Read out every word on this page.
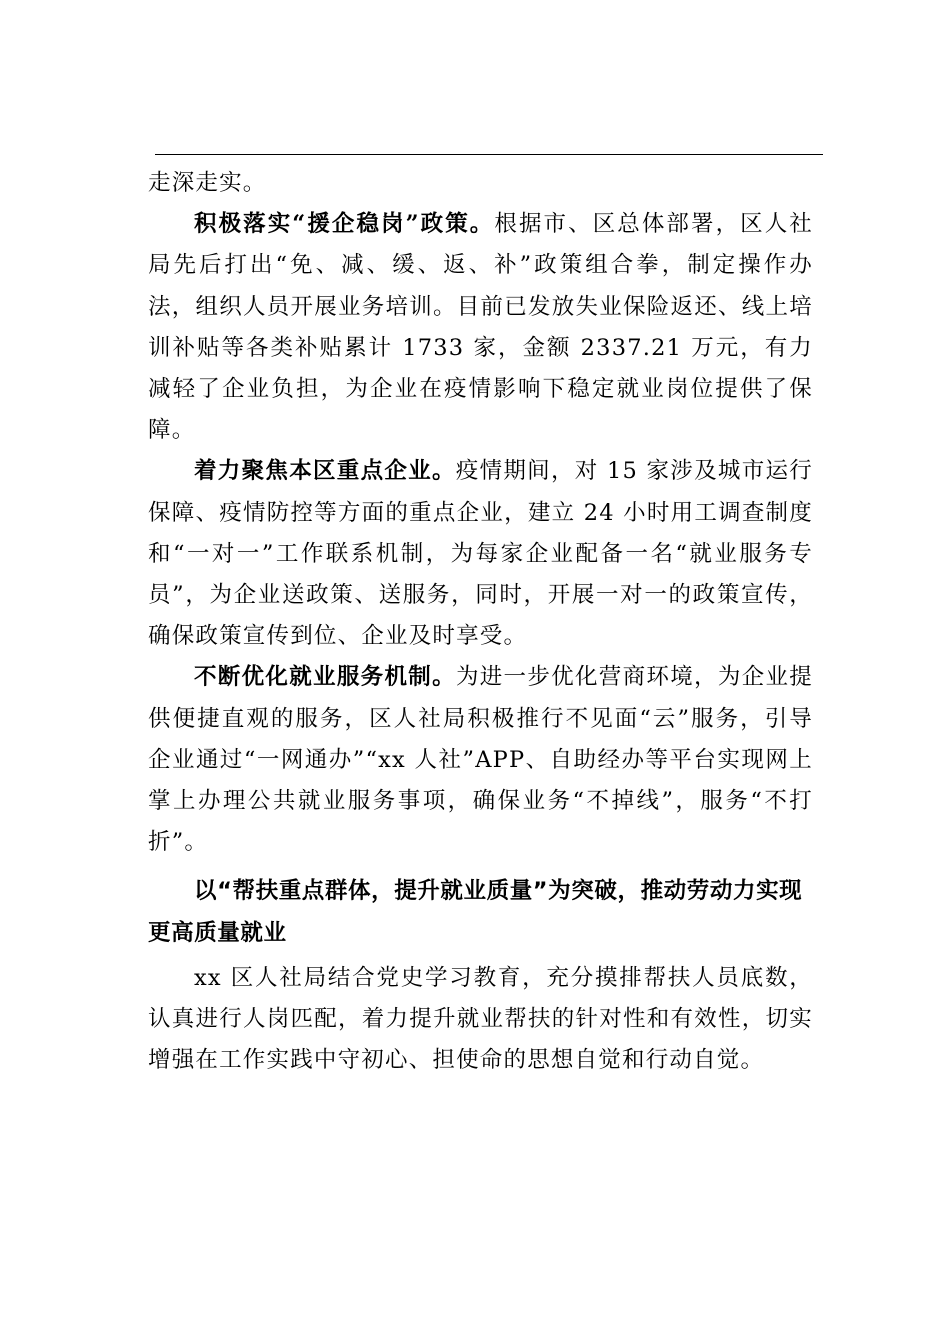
走深走实。

积极落实“援企稳岗”政策。根据市、区总体部署，区人社局先后打出“免、减、缓、返、补”政策组合拳，制定操作办法，组织人员开展业务培训。目前已发放失业保险返还、线上培训补贴等各类补贴累计 1733 家，金额 2337.21 万元，有力减轻了企业负担，为企业在疫情影响下稳定就业岗位提供了保障。

着力聚焦本区重点企业。疫情期间，对 15 家涉及城市运行保障、疫情防控等方面的重点企业，建立 24 小时用工调查制度和“一对一”工作联系机制，为每家企业配备一名“就业服务专员”，为企业送政策、送服务，同时，开展一对一的政策宣传，确保政策宣传到位、企业及时享受。

不断优化就业服务机制。为进一步优化营商环境，为企业提供便捷直观的服务，区人社局积极推行不见面“云”服务，引导企业通过“一网通办”“xx 人社”APP、自助经办等平台实现网上掌上办理公共就业服务事项，确保业务“不掉线”，服务“不打折”。

以“帮扶重点群体，提升就业质量”为突破，推动劳动力实现更高质量就业

xx 区人社局结合党史学习教育，充分摸排帮扶人员底数，认真进行人岗匹配，着力提升就业帮扶的针对性和有效性，切实增强在工作实践中守初心、担使命的思想自觉和行动自觉。
